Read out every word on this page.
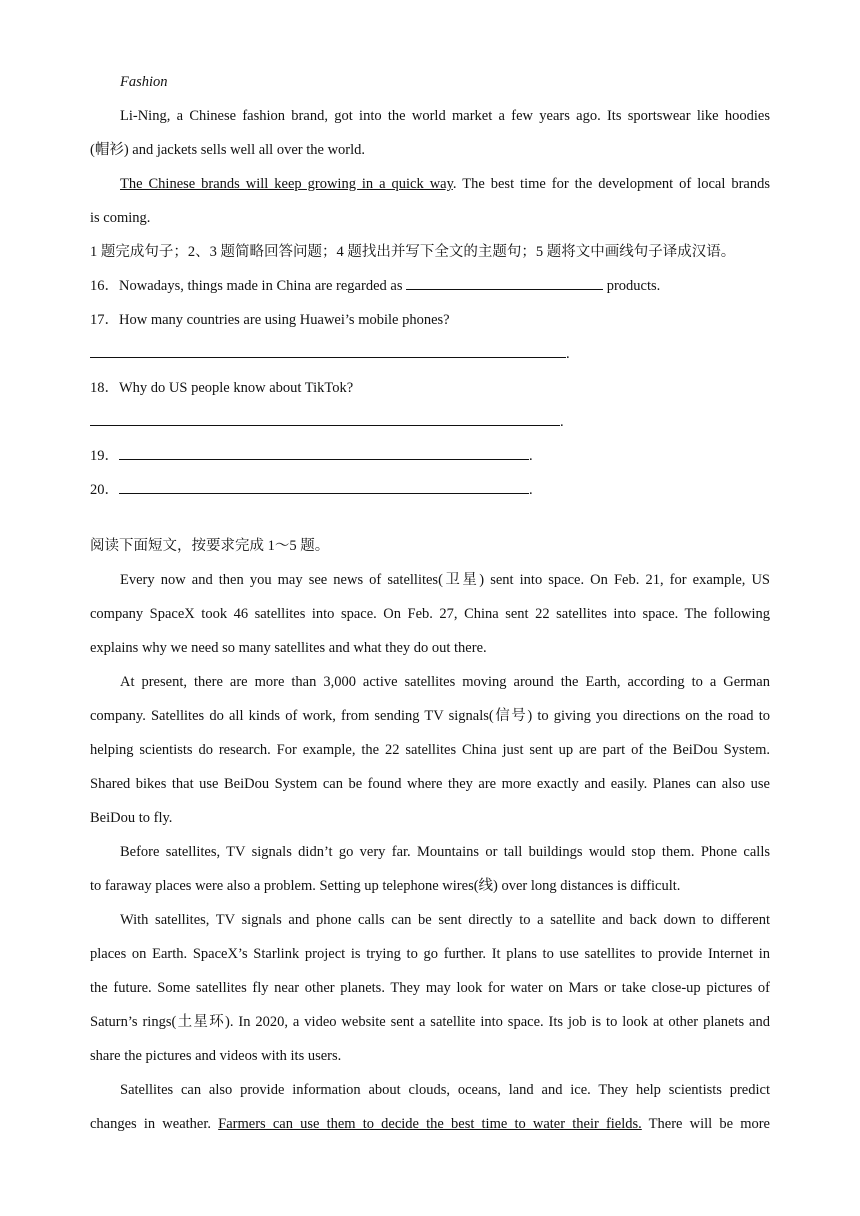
Fashion
Li-Ning, a Chinese fashion brand, got into the world market a few years ago. Its sportswear like hoodies
(帽衫) and jackets sells well all over the world.
The Chinese brands will keep growing in a quick way. The best time for the development of local brands
is coming.
1 题完成句子；2、3 题简略回答问题；4 题找出并写下全文的主题句；5 题将文中画线句子译成汉语。
16．Nowadays, things made in China are regarded as	products.
17．How many countries are using Huawei’s mobile phones?
.
18．Why do US people know about TikTok?
.
19．	.
20．	.
阅读下面短文，按要求完成 1～5 题。
Every now and then you may see news of satellites(卫星) sent into space. On Feb. 21, for example, US
company SpaceX took 46 satellites into space. On Feb. 27, China sent 22 satellites into space. The following
explains why we need so many satellites and what they do out there.
At present, there are more than 3,000 active satellites moving around the Earth, according to a German
company. Satellites do all kinds of work, from sending TV signals(信号) to giving you directions on the road to
helping scientists do research. For example, the 22 satellites China just sent up are part of the BeiDou System.
Shared bikes that use BeiDou System can be found where they are more exactly and easily. Planes can also use
BeiDou to fly.
Before satellites, TV signals didn’t go very far. Mountains or tall buildings would stop them. Phone calls
to faraway places were also a problem. Setting up telephone wires(线) over long distances is difficult.
With satellites, TV signals and phone calls can be sent directly to a satellite and back down to different
places on Earth. SpaceX’s Starlink project is trying to go further. It plans to use satellites to provide Internet in
the future. Some satellites fly near other planets. They may look for water on Mars or take close-up pictures of
Saturn’s rings(土星环). In 2020, a video website sent a satellite into space. Its job is to look at other planets and
share the pictures and videos with its users.
Satellites can also provide information about clouds, oceans, land and ice. They help scientists predict
changes in weather. Farmers can use them to decide the best time to water their fields. There will be more
